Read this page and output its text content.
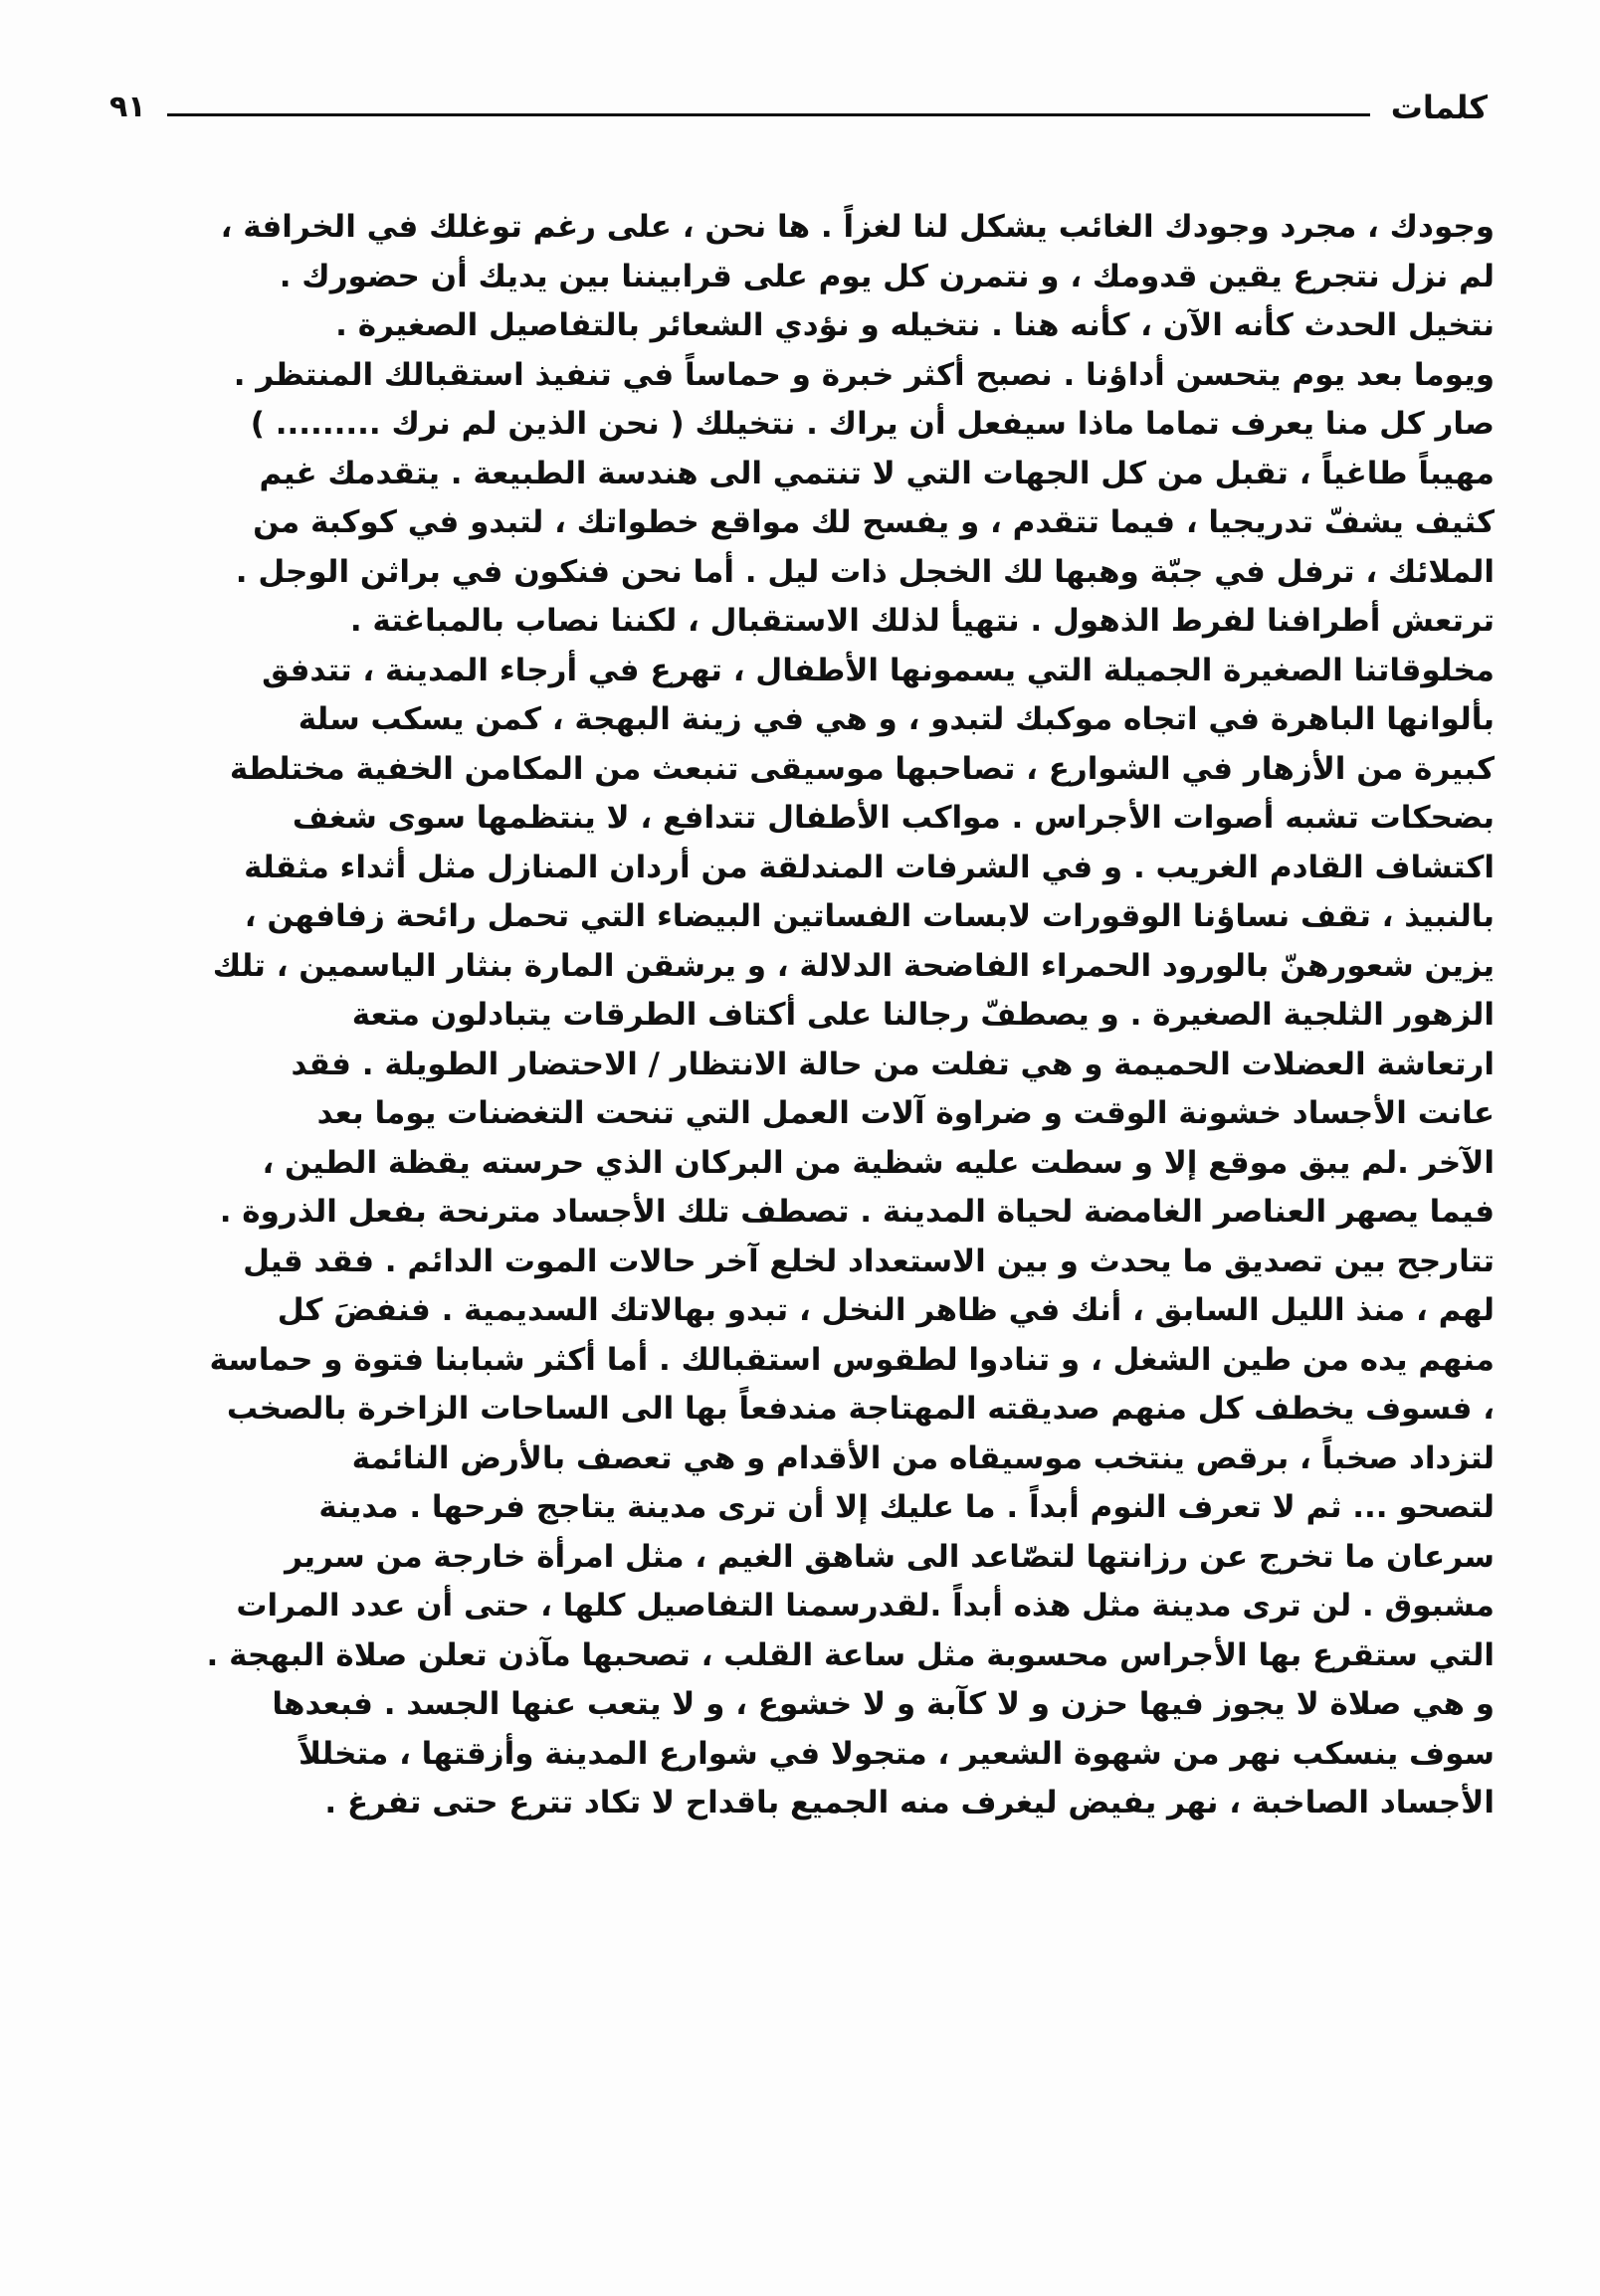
٩١	كلمات
وجودك ، مجرد وجودك الغائب يشكل لنا لغزاً . ها نحن ، على رغم توغلك في الخرافة ،
لم نزل نتجرع يقين قدومك ، و نتمرن كل يوم على قرابيننا بين يديك أن حضورك .
نتخيل الحدث كأنه الآن ، كأنه هنا . نتخيله و نؤدي الشعائر بالتفاصيل الصغيرة .
ويوما بعد يوم يتحسن أداؤنا . نصبح أكثر خبرة و حماساً في تنفيذ استقبالك المنتظر .
صار كل منا يعرف تماما ماذا سيفعل أن يراك . نتخيلك ( نحن الذين لم نرك ......... )
مهيباً طاغياً ، تقبل من كل الجهات التي لا تنتمي الى هندسة الطبيعة . يتقدمك غيم
كثيف يشفّ تدريجيا ، فيما تتقدم ، و يفسح لك مواقع خطواتك ، لتبدو في كوكبة من
الملائك ، ترفل في جبّة وهبها لك الخجل ذات ليل . أما نحن فنكون في براثن الوجل .
ترتعش أطرافنا لفرط الذهول . نتهيأ لذلك الاستقبال ، لكننا نصاب بالمباغتة .
مخلوقاتنا الصغيرة الجميلة التي يسمونها الأطفال ، تهرع في أرجاء المدينة ، تتدفق
بألوانها الباهرة في اتجاه موكبك لتبدو ، و هي في زينة البهجة ، كمن يسكب سلة
كبيرة من الأزهار في الشوارع ، تصاحبها موسيقى تنبعث من المكامن الخفية مختلطة
بضحكات تشبه أصوات الأجراس . مواكب الأطفال تتدافع ، لا ينتظمها سوى شغف
اكتشاف القادم الغريب . و في الشرفات المندلقة من أردان المنازل مثل أثداء مثقلة
بالنبيذ ، تقف نساؤنا الوقورات لابسات الفساتين البيضاء التي تحمل رائحة زفافهن ،
يزين شعورهنّ بالورود الحمراء الفاضحة الدلالة ، و يرشقن المارة بنثار الياسمين ، تلك
الزهور الثلجية الصغيرة . و يصطفّ رجالنا على أكتاف الطرقات يتبادلون متعة
ارتعاشة العضلات الحميمة و هي تفلت من حالة الانتظار / الاحتضار الطويلة . فقد
عانت الأجساد خشونة الوقت و ضراوة آلات العمل التي تنحت التغضنات يوما بعد
الآخر .لم يبق موقع إلا و سطت عليه شظية من البركان الذي حرسته يقظة الطين ،
فيما يصهر العناصر الغامضة لحياة المدينة . تصطف تلك الأجساد مترنحة بفعل الذروة .
تتارجح بين تصديق ما يحدث و بين الاستعداد لخلع آخر حالات الموت الدائم . فقد قيل
لهم ، منذ الليل السابق ، أنك في ظاهر النخل ، تبدو بهالاتك السديمية . فنفضَ كل
منهم يده من طين الشغل ، و تنادوا لطقوس استقبالك . أما أكثر شبابنا فتوة و حماسة
، فسوف يخطف كل منهم صديقته المهتاجة مندفعاً بها الى الساحات الزاخرة بالصخب
لتزداد صخباً ، برقص ينتخب موسيقاه من الأقدام و هي تعصف بالأرض النائمة
لتصحو ... ثم لا تعرف النوم أبداً . ما عليك إلا أن ترى مدينة يتاجج فرحها . مدينة
سرعان ما تخرج عن رزانتها لتصّاعد الى شاهق الغيم ، مثل امرأة خارجة من سرير
مشبوق . لن ترى مدينة مثل هذه أبداً .لقدرسمنا التفاصيل كلها ، حتى أن عدد المرات
التي ستقرع بها الأجراس محسوبة مثل ساعة القلب ، تصحبها مآذن تعلن صلاة البهجة .
و هي صلاة لا يجوز فيها حزن و لا كآبة و لا خشوع ، و لا يتعب عنها الجسد . فبعدها
سوف ينسكب نهر من شهوة الشعير ، متجولا في شوارع المدينة وأزقتها ، متخللاً
الأجساد الصاخبة ، نهر يفيض ليغرف منه الجميع باقداح لا تكاد تترع حتى تفرغ .
